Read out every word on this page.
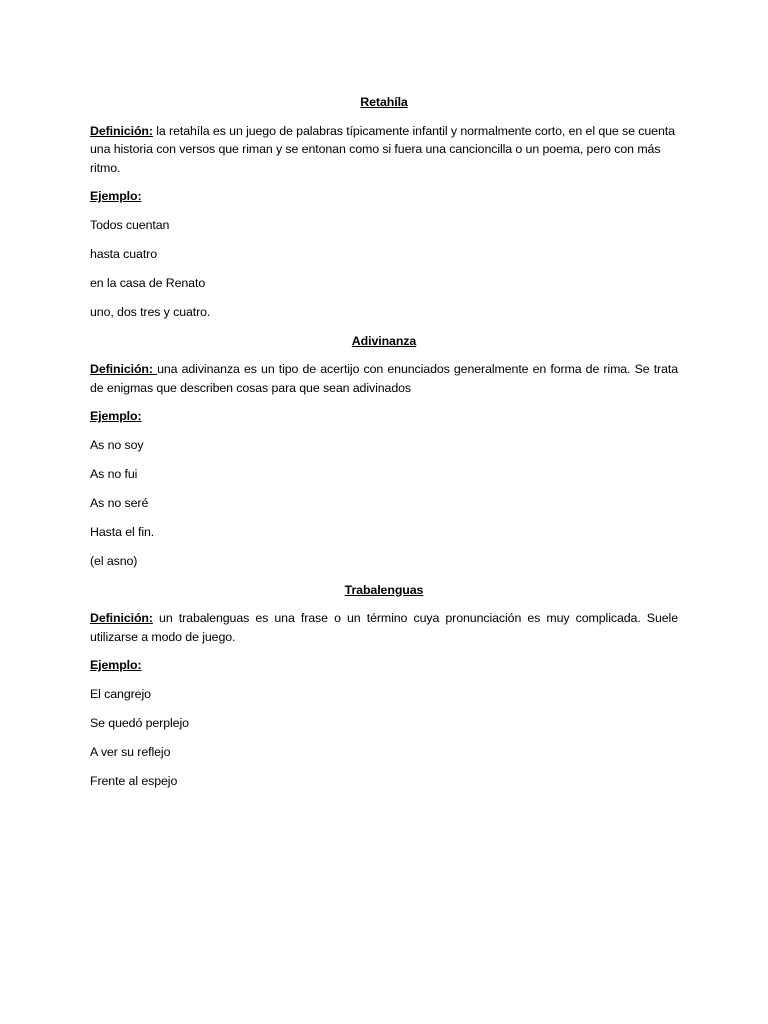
Retahíla
Definición: la retahíla es un juego de palabras típicamente infantil y normalmente corto, en el que se cuenta una historia con versos que riman y se entonan como si fuera una cancioncilla o un poema, pero con más ritmo.
Ejemplo:
Todos cuentan
hasta cuatro
en la casa de Renato
uno, dos tres y cuatro.
Adivinanza
Definición: una adivinanza es un tipo de acertijo con enunciados generalmente en forma de rima. Se trata de enigmas que describen cosas para que sean adivinados
Ejemplo:
As no soy
As no fui
As no seré
Hasta el fin.
(el asno)
Trabalenguas
Definición: un trabalenguas es una frase o un término cuya pronunciación es muy complicada. Suele utilizarse a modo de juego.
Ejemplo:
El cangrejo
Se quedó perplejo
A ver su reflejo
Frente al espejo
